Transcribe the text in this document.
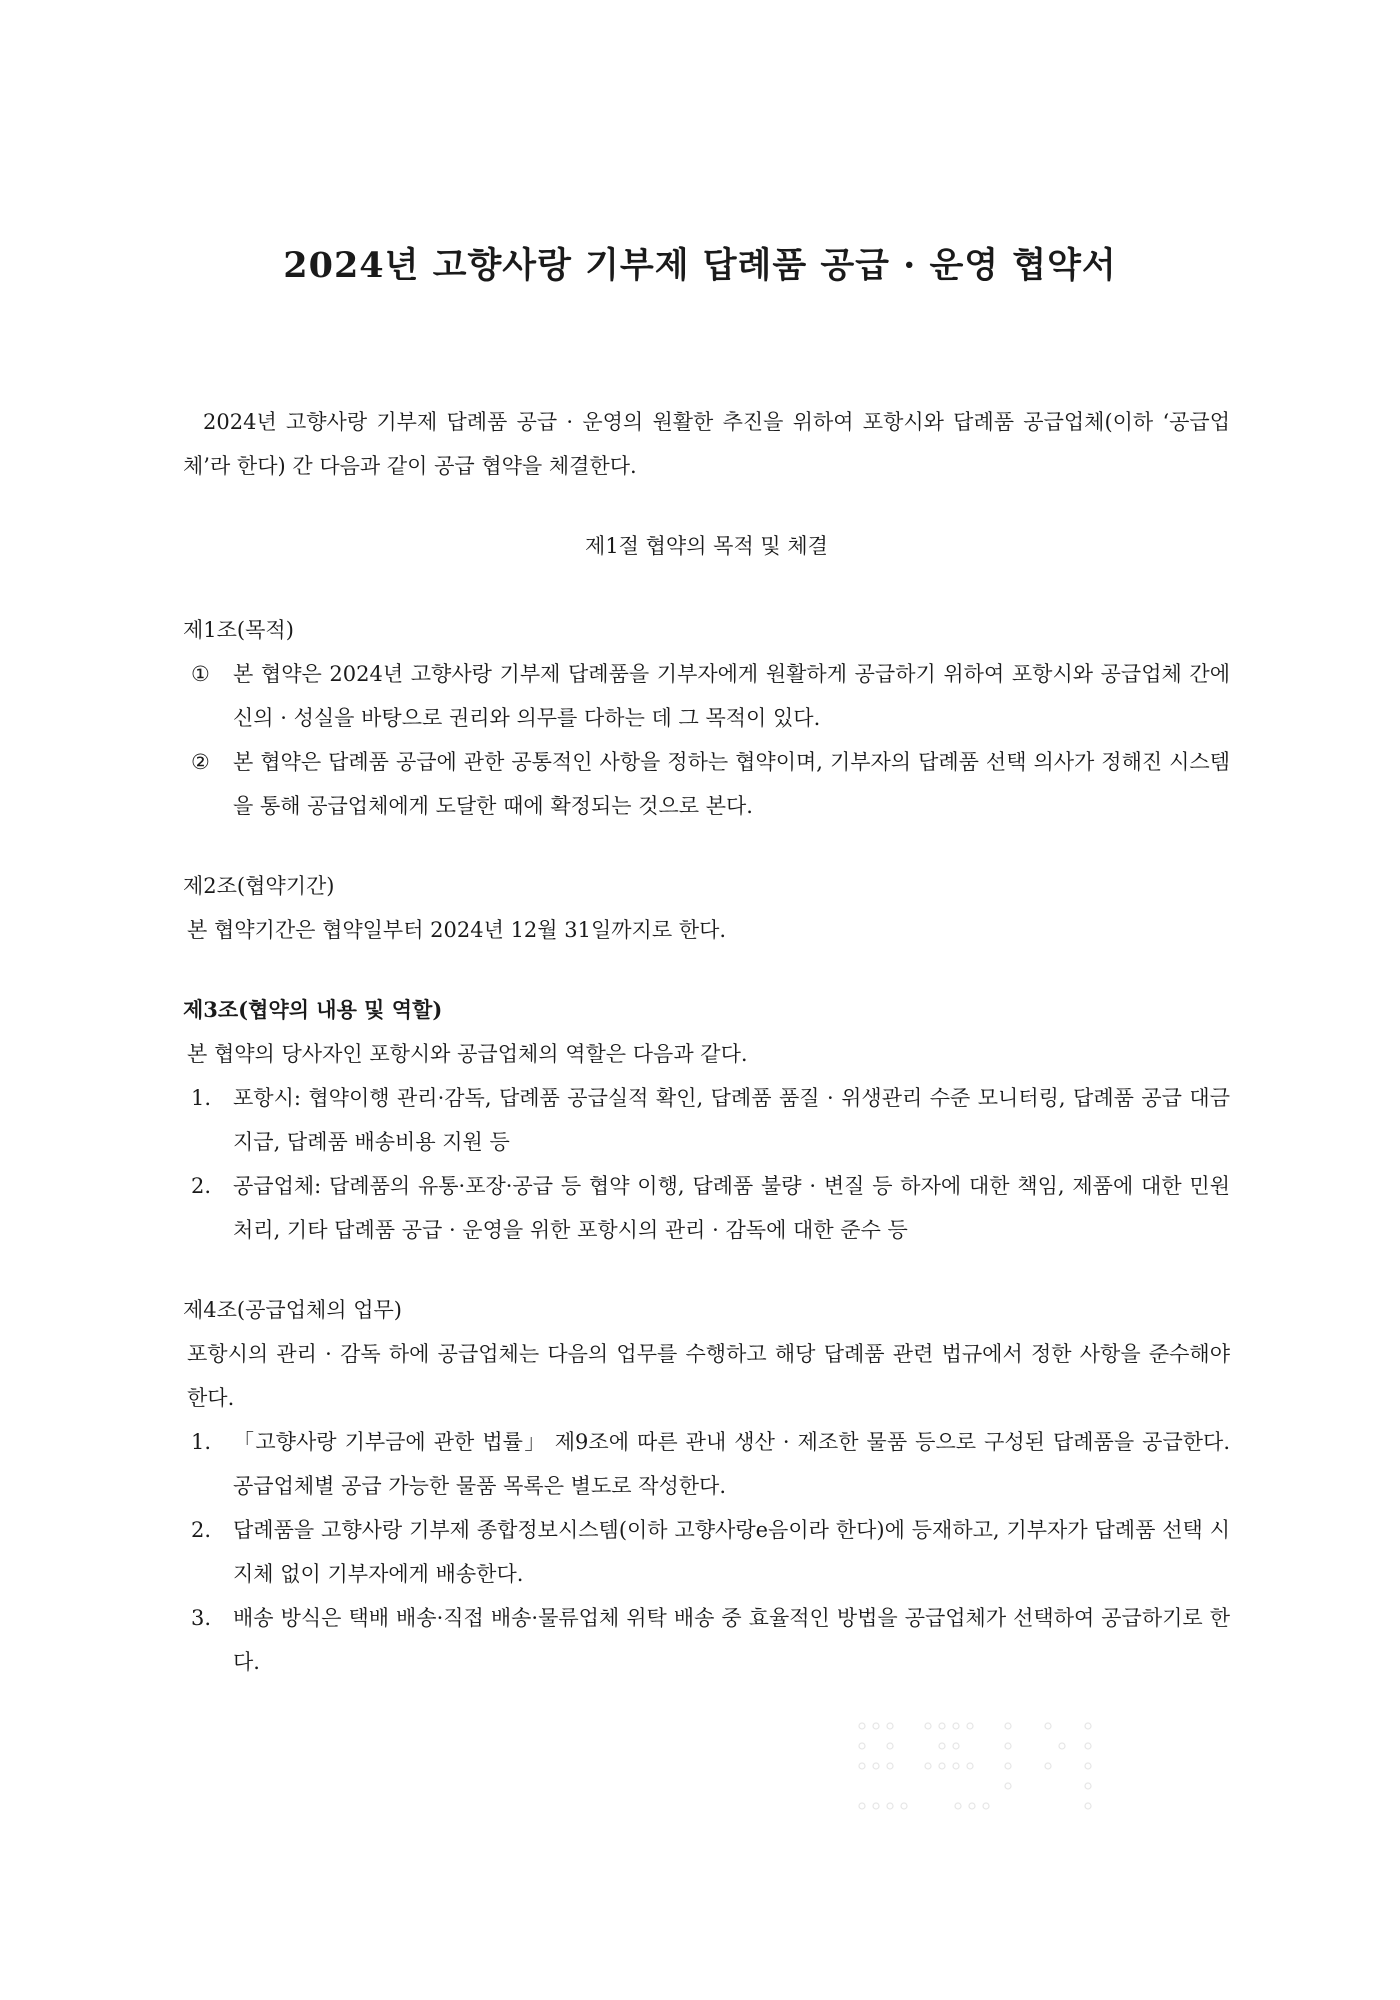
2024년 고향사랑 기부제 답례품 공급 · 운영 협약서

2024년 고향사랑 기부제 답례품 공급 · 운영의 원활한 추진을 위하여 포항시와 답례품 공급업체(이하 ‘공급업체’라 한다) 간 다음과 같이 공급 협약을 체결한다.

제1절 협약의 목적 및 체결

제1조(목적)

① 본 협약은 2024년 고향사랑 기부제 답례품을 기부자에게 원활하게 공급하기 위하여 포항시와 공급업체 간에 신의 · 성실을 바탕으로 권리와 의무를 다하는 데 그 목적이 있다.
② 본 협약은 답례품 공급에 관한 공통적인 사항을 정하는 협약이며, 기부자의 답례품 선택 의사가 정해진 시스템을 통해 공급업체에게 도달한 때에 확정되는 것으로 본다.

제2조(협약기간)

본 협약기간은 협약일부터 2024년 12월 31일까지로 한다.

제3조(협약의 내용 및 역할)

본 협약의 당사자인 포항시와 공급업체의 역할은 다음과 같다.

1. 포항시: 협약이행 관리·감독, 답례품 공급실적 확인, 답례품 품질 · 위생관리 수준 모니터링, 답례품 공급 대금 지급, 답례품 배송비용 지원 등
2. 공급업체: 답례품의 유통·포장·공급 등 협약 이행, 답례품 불량 · 변질 등 하자에 대한 책임, 제품에 대한 민원 처리, 기타 답례품 공급 · 운영을 위한 포항시의 관리 · 감독에 대한 준수 등

제4조(공급업체의 업무)

포항시의 관리 · 감독 하에 공급업체는 다음의 업무를 수행하고 해당 답례품 관련 법규에서 정한 사항을 준수해야 한다.

1. 「고향사랑 기부금에 관한 법률」 제9조에 따른 관내 생산 · 제조한 물품 등으로 구성된 답례품을 공급한다. 공급업체별 공급 가능한 물품 목록은 별도로 작성한다.
2. 답례품을 고향사랑 기부제 종합정보시스템(이하 고향사랑e음이라 한다)에 등재하고, 기부자가 답례품 선택 시 지체 없이 기부자에게 배송한다.
3. 배송 방식은 택배 배송·직접 배송·물류업체 위탁 배송 중 효율적인 방법을 공급업체가 선택하여 공급하기로 한다.
